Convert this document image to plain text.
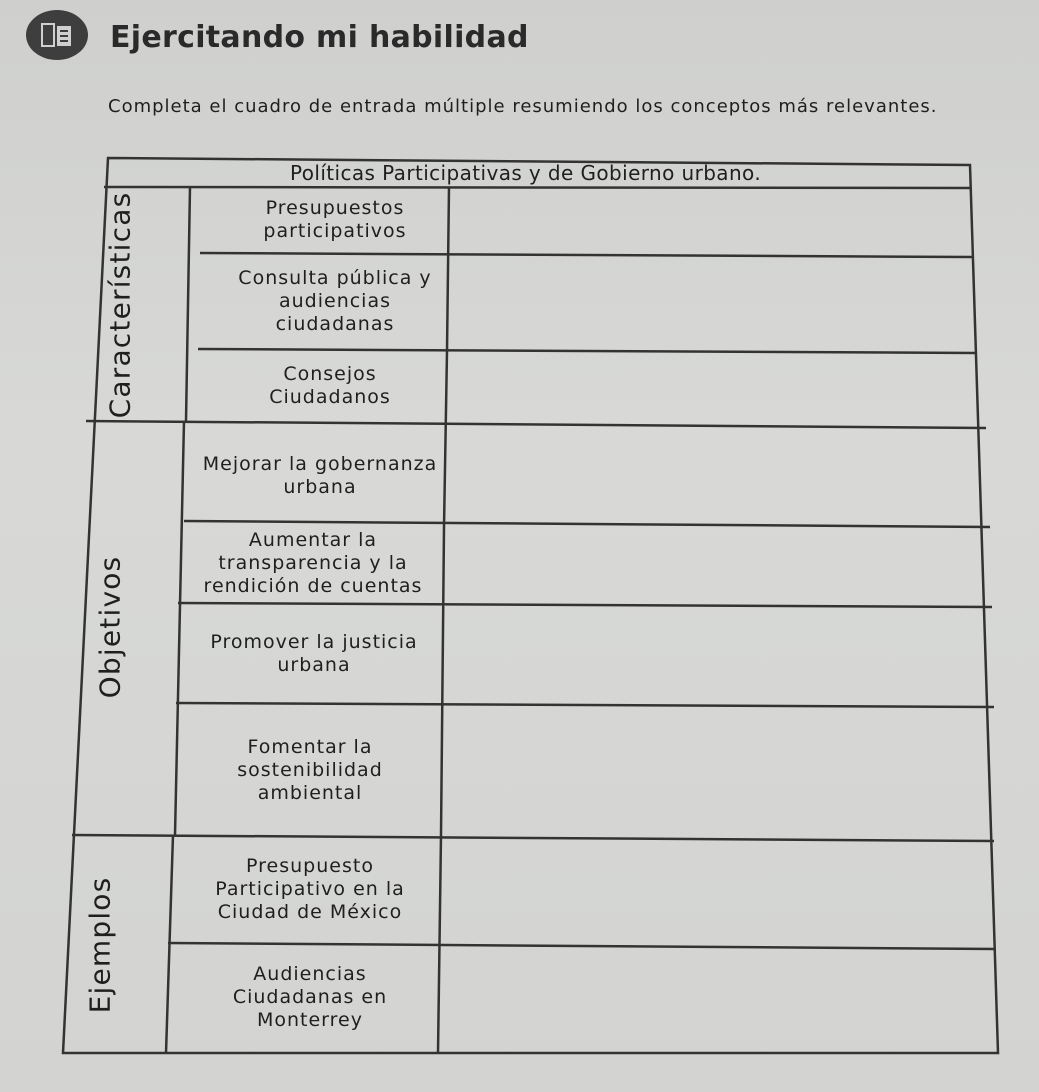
Ejercitando mi habilidad
Completa el cuadro de entrada múltiple resumiendo los conceptos más relevantes.
Políticas Participativas y de Gobierno urbano.
Características
Objetivos
Ejemplos
Presupuestos participativos
Consulta pública y audiencias ciudadanas
Consejos Ciudadanos
Mejorar la gobernanza urbana
Aumentar la transparencia y la rendición de cuentas
Promover la justicia urbana
Fomentar la sostenibilidad ambiental
Presupuesto Participativo en la Ciudad de México
Audiencias Ciudadanas en Monterrey
